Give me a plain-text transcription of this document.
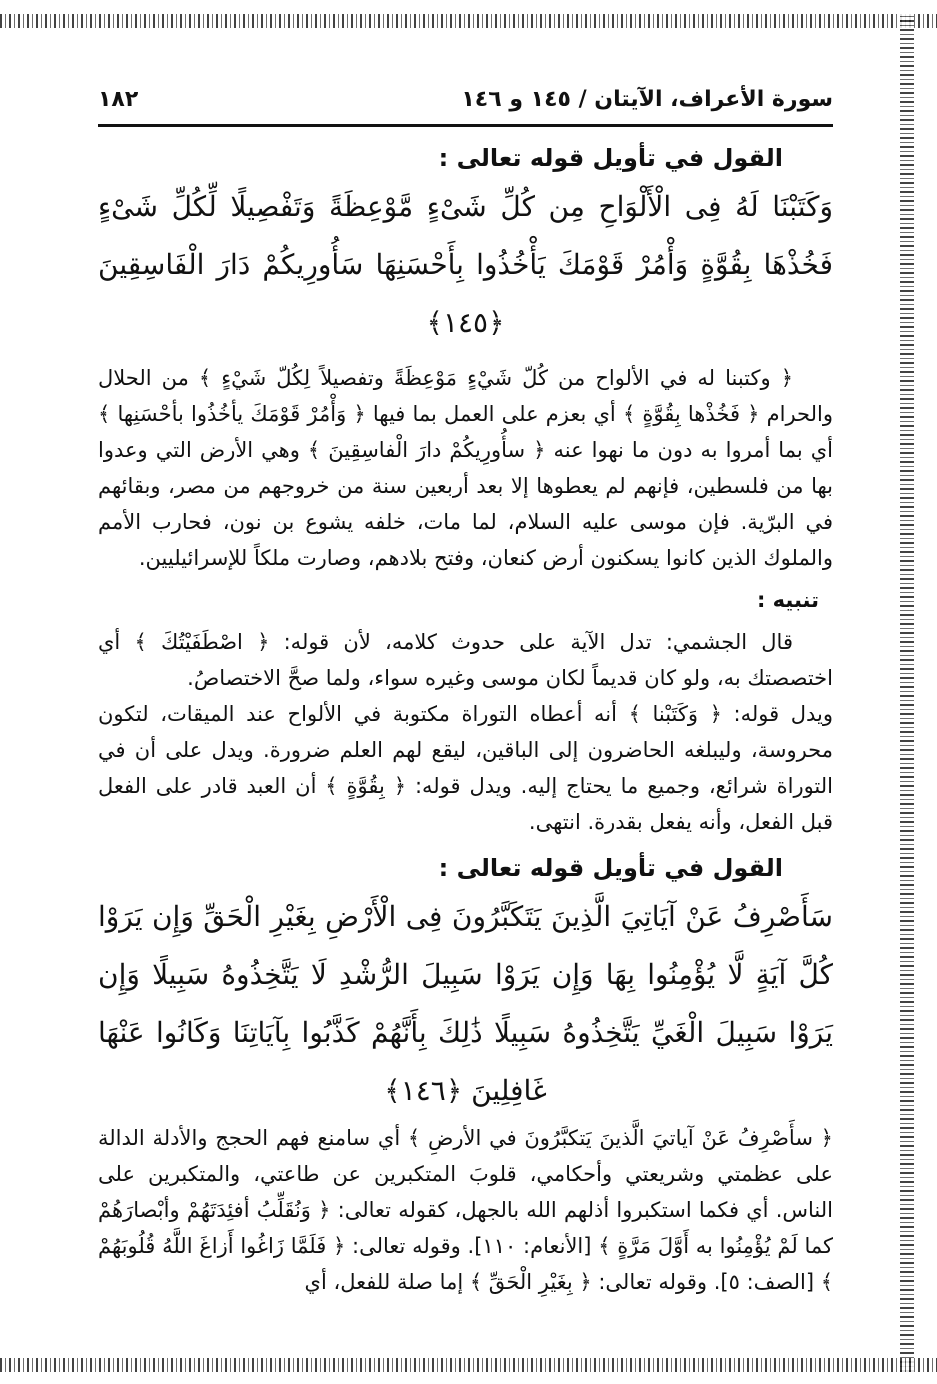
سورة الأعراف، الآيتان / ١٤٥ و ١٤٦
١٨٢

القول في تأويل قوله تعالى :

وَكَتَبْنَا لَهُ فِى الْأَلْوَاحِ مِن كُلِّ شَىْءٍ مَّوْعِظَةً وَتَفْصِيلًا لِّكُلِّ شَىْءٍ فَخُذْهَا بِقُوَّةٍ وَأْمُرْ قَوْمَكَ يَأْخُذُوا بِأَحْسَنِهَا سَأُورِيكُمْ دَارَ الْفَاسِقِينَ ﴿١٤٥﴾

﴿ وكتبنا له في الألواح من كُلّ شَيْءٍ مَوْعِظَةً وتفصيلاً لِكُلّ شَيْءٍ ﴾ من الحلال والحرام ﴿ فَخُذْها بِقُوَّةٍ ﴾ أي بعزم على العمل بما فيها ﴿ وَأْمُرْ قَوْمَكَ يأخُذُوا بأحْسَنِها ﴾ أي بما أمروا به دون ما نهوا عنه ﴿ سأُورِيكُمْ دارَ الْفاسِقِينَ ﴾ وهي الأرض التي وعدوا بها من فلسطين، فإنهم لم يعطوها إلا بعد أربعين سنة من خروجهم من مصر، وبقائهم في البرّية. فإن موسى عليه السلام، لما مات، خلفه يشوع بن نون، فحارب الأمم والملوك الذين كانوا يسكنون أرض كنعان، وفتح بلادهم، وصارت ملكاً للإسرائيليين.

تنبيه :

قال الجشمي: تدل الآية على حدوث كلامه، لأن قوله: ﴿ اصْطَفَيْتُكَ ﴾ أي اختصصتك به، ولو كان قديماً لكان موسى وغيره سواء، ولما صحَّ الاختصاصُ.

ويدل قوله: ﴿ وَكَتَبْنا ﴾ أنه أعطاه التوراة مكتوبة في الألواح عند الميقات، لتكون محروسة، وليبلغه الحاضرون إلى الباقين، ليقع لهم العلم ضرورة. ويدل على أن في التوراة شرائع، وجميع ما يحتاج إليه. ويدل قوله: ﴿ بِقُوَّةٍ ﴾ أن العبد قادر على الفعل قبل الفعل، وأنه يفعل بقدرة. انتهى.

القول في تأويل قوله تعالى :

سَأَصْرِفُ عَنْ آيَاتِيَ الَّذِينَ يَتَكَبَّرُونَ فِى الْأَرْضِ بِغَيْرِ الْحَقِّ وَإِن يَرَوْا كُلَّ آيَةٍ لَّا يُؤْمِنُوا بِهَا وَإِن يَرَوْا سَبِيلَ الرُّشْدِ لَا يَتَّخِذُوهُ سَبِيلًا وَإِن يَرَوْا سَبِيلَ الْغَيِّ يَتَّخِذُوهُ سَبِيلًا ذَٰلِكَ بِأَنَّهُمْ كَذَّبُوا بِآيَاتِنَا وَكَانُوا عَنْهَا غَافِلِينَ ﴿١٤٦﴾

﴿ سأَصْرِفُ عَنْ آياتيَ الَّذينَ يَتكبَّرُونَ في الأرضِ ﴾ أي سامنع فهم الحجج والأدلة الدالة على عظمتي وشريعتي وأحكامي، قلوبَ المتكبرين عن طاعتي، والمتكبرين على الناس. أي فكما استكبروا أذلهم الله بالجهل، كقوله تعالى: ﴿ وَنُقَلِّبُ أفئِدَتَهُمْ وأبْصارَهُمْ كما لَمْ يُؤْمِنُوا به أَوَّلَ مَرَّةٍ ﴾ [الأنعام: ١١٠]. وقوله تعالى: ﴿ فَلَمَّا زَاغُوا أَزاغَ اللَّهُ قُلُوبَهُمْ ﴾ [الصف: ٥]. وقوله تعالى: ﴿ بِغَيْرِ الْحَقِّ ﴾ إما صلة للفعل، أي
